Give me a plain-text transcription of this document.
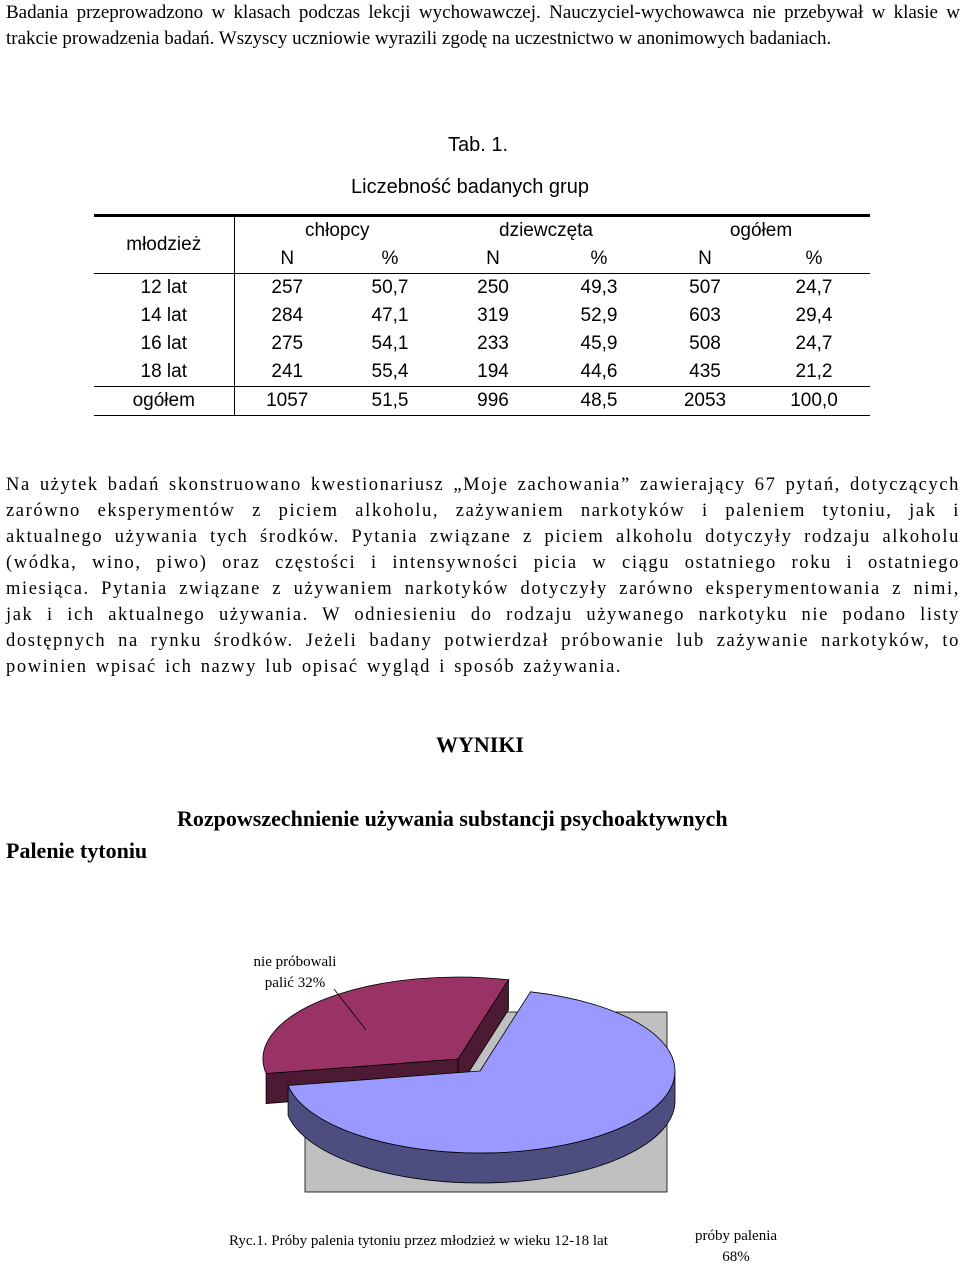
Badania przeprowadzono w klasach podczas lekcji wychowawczej. Nauczyciel-wychowawca nie przebywał w klasie w trakcie prowadzenia badań. Wszyscy uczniowie wyrazili zgodę na uczestnictwo w anonimowych badaniach.
Tab. 1.
Liczebność badanych grup
młodzież	chłopcy		dziewczęta		ogółem	
	N	%	N	%	N	%
12 lat	257	50,7	250	49,3	507	24,7
14 lat	284	47,1	319	52,9	603	29,4
16 lat	275	54,1	233	45,9	508	24,7
18 lat	241	55,4	194	44,6	435	21,2
ogółem	1057	51,5	996	48,5	2053	100,0
Na użytek badań skonstruowano kwestionariusz „Moje zachowania” zawierający 67 pytań, dotyczących zarówno eksperymentów z piciem alkoholu, zażywaniem narkotyków i paleniem tytoniu, jak i aktualnego używania tych środków. Pytania związane z piciem alkoholu dotyczyły rodzaju alkoholu (wódka, wino, piwo) oraz częstości i intensywności picia w ciągu ostatniego roku i ostatniego miesiąca. Pytania związane z używaniem narkotyków dotyczyły zarówno eksperymentowania z nimi, jak i ich aktualnego używania. W odniesieniu do rodzaju używanego narkotyku nie podano listy dostępnych na rynku środków. Jeżeli badany potwierdzał próbowanie lub zażywanie narkotyków, to powinien wpisać ich nazwy lub opisać wygląd i sposób zażywania.
WYNIKI
Rozpowszechnienie używania substancji psychoaktywnych
Palenie tytoniu
nie próbowali
palić 32%
próby palenia
68%
Ryc.1. Próby palenia tytoniu przez młodzież w wieku 12-18 lat
